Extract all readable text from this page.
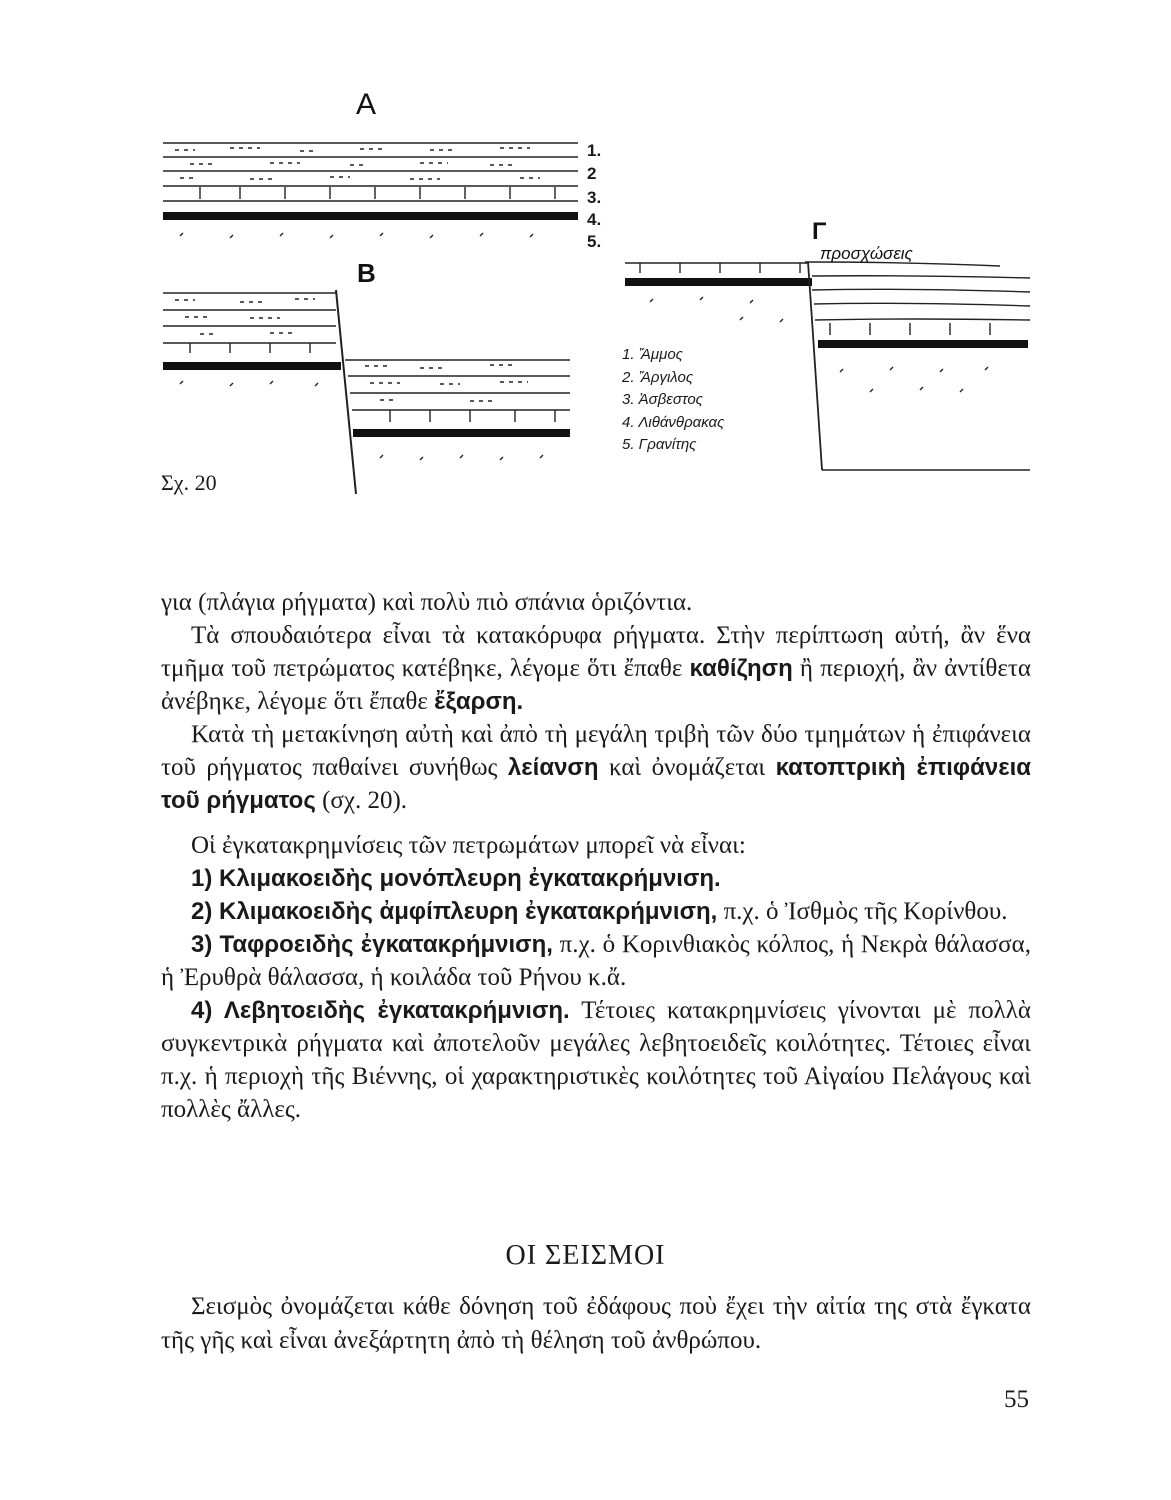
A
B
Γ
προσχώσεις
1.
2
3.
4.
5.
1. Ἄμμος
2. Ἄργιλος
3. Ἀσβεστος
4. Λιθάνθρακας
5. Γρανίτης
Σχ. 20

για (πλάγια ρήγματα) καὶ πολὺ πιὸ σπάνια ὁριζόντια.

Τὰ σπουδαιότερα εἶναι τὰ κατακόρυφα ρήγματα. Στὴν περίπτωση αὐτή, ἂν ἕνα τμῆμα τοῦ πετρώματος κατέβηκε, λέγομε ὅτι ἔπαθε καθίζηση ἢ περιοχή, ἂν ἀντίθετα ἀνέβηκε, λέγομε ὅτι ἔπαθε ἔξαρση.

Κατὰ τὴ μετακίνηση αὐτὴ καὶ ἀπὸ τὴ μεγάλη τριβὴ τῶν δύο τμημάτων ἡ ἐπιφάνεια τοῦ ρήγματος παθαίνει συνήθως λείανση καὶ ὀνομάζεται κατοπτρικὴ ἐπιφάνεια τοῦ ρήγματος (σχ. 20).

Οἱ ἐγκατακρημνίσεις τῶν πετρωμάτων μπορεῖ νὰ εἶναι:

1) Κλιμακοειδὴς μονόπλευρη ἐγκατακρήμνιση.

2) Κλιμακοειδὴς ἀμφίπλευρη ἐγκατακρήμνιση, π.χ. ὁ Ἰσθμὸς τῆς Κορίνθου.

3) Ταφροειδὴς ἐγκατακρήμνιση, π.χ. ὁ Κορινθιακὸς κόλπος, ἡ Νεκρὰ θάλασσα, ἡ Ἐρυθρὰ θάλασσα, ἡ κοιλάδα τοῦ Ρήνου κ.ἄ.

4) Λεβητοειδὴς ἐγκατακρήμνιση. Τέτοιες κατακρημνίσεις γίνονται μὲ πολλὰ συγκεντρικὰ ρήγματα καὶ ἀποτελοῦν μεγάλες λεβητοειδεῖς κοιλότητες. Τέτοιες εἶναι π.χ. ἡ περιοχὴ τῆς Βιέννης, οἱ χαρακτηριστικὲς κοιλότητες τοῦ Αἰγαίου Πελάγους καὶ πολλὲς ἄλλες.

ΟΙ ΣΕΙΣΜΟΙ

Σεισμὸς ὀνομάζεται κάθε δόνηση τοῦ ἐδάφους ποὺ ἔχει τὴν αἰτία της στὰ ἔγκατα τῆς γῆς καὶ εἶναι ἀνεξάρτητη ἀπὸ τὴ θέληση τοῦ ἀνθρώπου.

55
